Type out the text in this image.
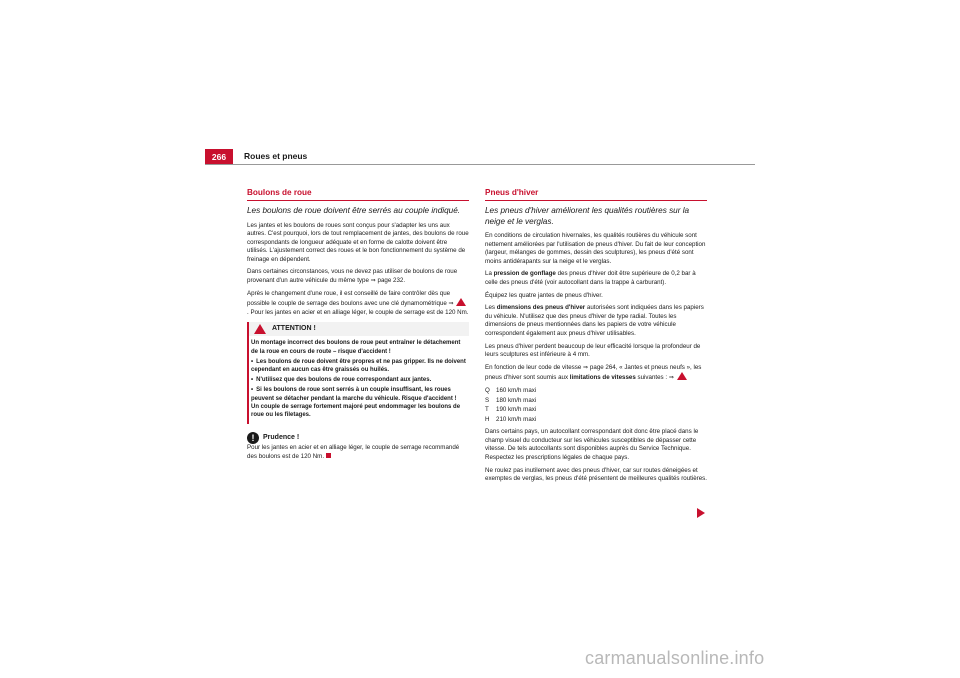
266	Roues et pneus
Boulons de roue
Les boulons de roue doivent être serrés au couple indiqué.

Les jantes et les boulons de roues sont conçus pour s'adapter les uns aux autres. C'est pourquoi, lors de tout remplacement de jantes, des boulons de roue correspondants de longueur adéquate et en forme de calotte doivent être utilisés. L'ajustement correct des roues et le bon fonctionnement du système de freinage en dépendent.

Dans certaines circonstances, vous ne devez pas utiliser de boulons de roue provenant d'un autre véhicule du même type ⇒ page 232.

Après le changement d'une roue, il est conseillé de faire contrôler dès que possible le couple de serrage des boulons avec une clé dynamométrique ⇒ . Pour les jantes en acier et en alliage léger, le couple de serrage est de 120 Nm.

ATTENTION !

Un montage incorrect des boulons de roue peut entraîner le détachement de la roue en cours de route – risque d'accident !

• Les boulons de roue doivent être propres et ne pas gripper. Ils ne doivent cependant en aucun cas être graissés ou huilés.

• N'utilisez que des boulons de roue correspondant aux jantes.

• Si les boulons de roue sont serrés à un couple insuffisant, les roues peuvent se détacher pendant la marche du véhicule. Risque d'accident ! Un couple de serrage fortement majoré peut endommager les boulons de roue ou les filetages.

!	Prudence !

Pour les jantes en acier et en alliage léger, le couple de serrage recommandé des boulons est de 120 Nm.

Pneus d'hiver
Les pneus d'hiver améliorent les qualités routières sur la neige et le verglas.

En conditions de circulation hivernales, les qualités routières du véhicule sont nettement améliorées par l'utilisation de pneus d'hiver. Du fait de leur conception (largeur, mélanges de gommes, dessin des sculptures), les pneus d'été sont moins antidérapants sur la neige et le verglas.

La pression de gonflage des pneus d'hiver doit être supérieure de 0,2 bar à celle des pneus d'été (voir autocollant dans la trappe à carburant).

Équipez les quatre jantes de pneus d'hiver.

Les dimensions des pneus d'hiver autorisées sont indiquées dans les papiers du véhicule. N'utilisez que des pneus d'hiver de type radial. Toutes les dimensions de pneus mentionnées dans les papiers de votre véhicule correspondent également aux pneus d'hiver utilisables.

Les pneus d'hiver perdent beaucoup de leur efficacité lorsque la profondeur de leurs sculptures est inférieure à 4 mm.

En fonction de leur code de vitesse ⇒ page 264, « Jantes et pneus neufs », les pneus d'hiver sont soumis aux limitations de vitesses suivantes : ⇒

Q 160 km/h maxi
S	180 km/h maxi
T	190 km/h maxi
H	210 km/h maxi

Dans certains pays, un autocollant correspondant doit donc être placé dans le champ visuel du conducteur sur les véhicules susceptibles de dépasser cette vitesse. De tels autocollants sont disponibles auprès du Service Technique. Respectez les prescriptions légales de chaque pays.

Ne roulez pas inutilement avec des pneus d'hiver, car sur routes déneigées et exemptes de verglas, les pneus d'été présentent de meilleures qualités routières.

carmanualsonline.info
